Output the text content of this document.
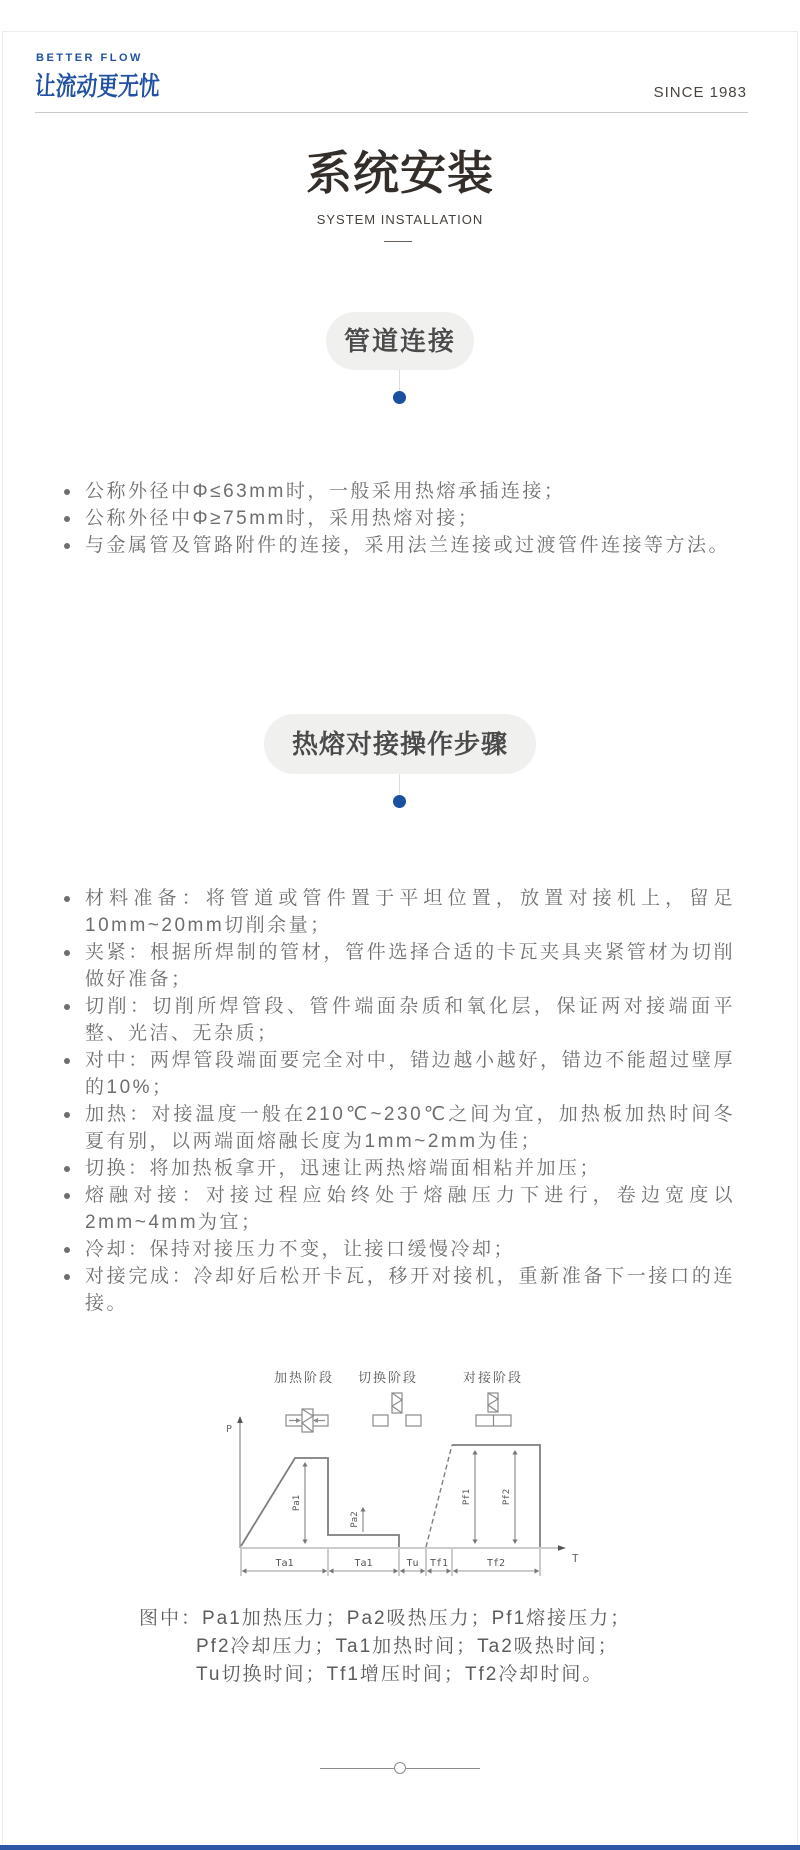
BETTER FLOW
让流动更无忧	SINCE 1983
系统安装
SYSTEM INSTALLATION
管道连接
公称外径中Φ≤63mm时，一般采用热熔承插连接；
公称外径中Φ≥75mm时，采用热熔对接；
与金属管及管路附件的连接，采用法兰连接或过渡管件连接等方法。
热熔对接操作步骤
材料准备：将管道或管件置于平坦位置，放置对接机上，留足10mm~20mm切削余量；
夹紧：根据所焊制的管材，管件选择合适的卡瓦夹具夹紧管材为切削做好准备；
切削：切削所焊管段、管件端面杂质和氧化层，保证两对接端面平整、光洁、无杂质；
对中：两焊管段端面要完全对中，错边越小越好，错边不能超过壁厚的10%；
加热：对接温度一般在210℃~230℃之间为宜，加热板加热时间冬夏有别，以两端面熔融长度为1mm~2mm为佳；
切换：将加热板拿开，迅速让两热熔端面相粘并加压；
熔融对接：对接过程应始终处于熔融压力下进行，卷边宽度以2mm~4mm为宜；
冷却：保持对接压力不变，让接口缓慢冷却；
对接完成：冷却好后松开卡瓦，移开对接机，重新准备下一接口的连接。
加热阶段 切换阶段	对接阶段
P
T
Pa1
Pa2
Pf1	Pf2
Ta1	Ta1	Tu Tf1	Tf2
图中：Pa1加热压力；Pa2吸热压力；Pf1熔接压力；
Pf2冷却压力；Ta1加热时间；Ta2吸热时间；
Tu切换时间；Tf1增压时间；Tf2冷却时间。
